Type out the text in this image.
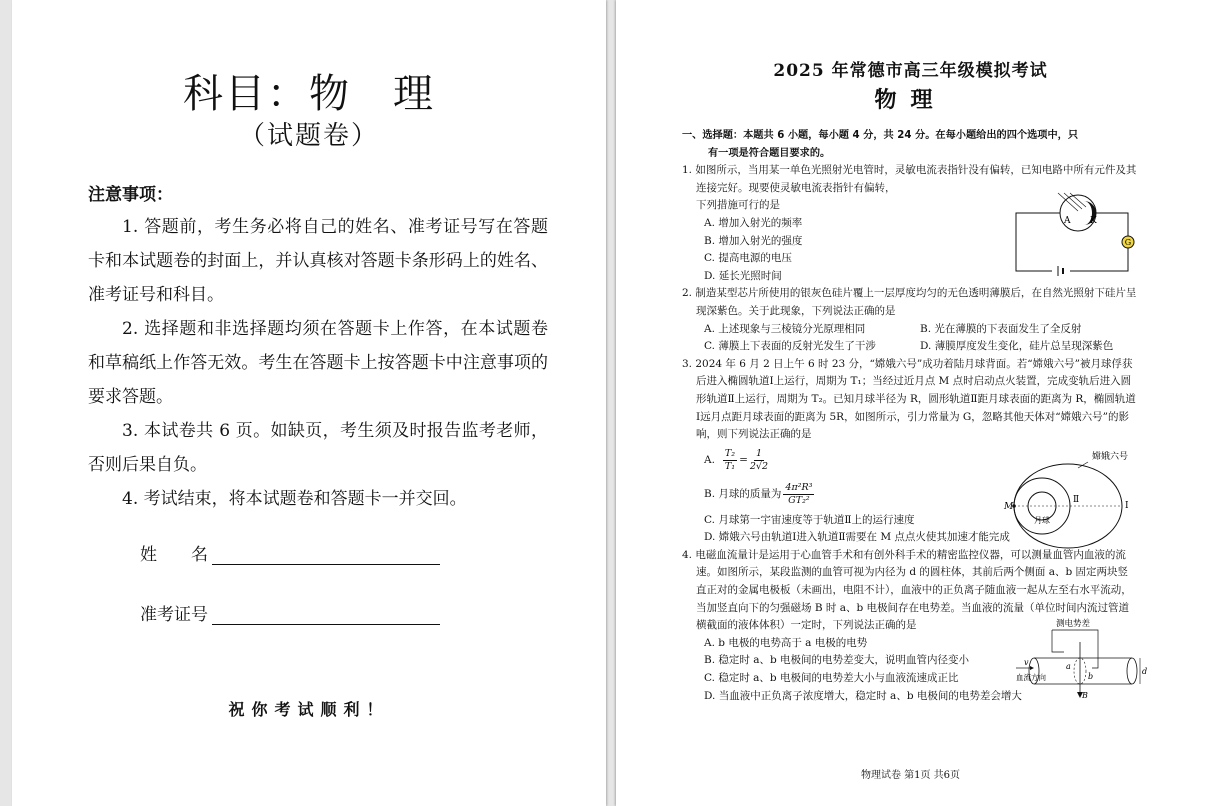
科目：物　理
（试题卷）
注意事项：

1. 答题前，考生务必将自己的姓名、准考证号写在答题卡和本试题卷的封面上，并认真核对答题卡条形码上的姓名、准考证号和科目。

2. 选择题和非选择题均须在答题卡上作答，在本试题卷和草稿纸上作答无效。考生在答题卡上按答题卡中注意事项的要求答题。

3. 本试卷共 6 页。如缺页，考生须及时报告监考老师，否则后果自负。

4. 考试结束，将本试题卷和答题卡一并交回。

姓　　名
准考证号
祝你考试顺利！
2025 年常德市高三年级模拟考试
物理
一、选择题：本题共 6 小题，每小题 4 分，共 24 分。在每小题给出的四个选项中，只
有一项是符合题目要求的。
1. 如图所示，当用某一单色光照射光电管时，灵敏电流表指针没有偏转，已知电路中所有元件及其连接完好。现要使灵敏电流表指针有偏转，
下列措施可行的是
A. 增加入射光的频率
B. 增加入射光的强度
C. 提高电源的电压
D. 延长光照时间
2. 制造某型芯片所使用的银灰色硅片覆上一层厚度均匀的无色透明薄膜后，在自然光照射下硅片呈现深紫色。关于此现象，下列说法正确的是
A. 上述现象与三棱镜分光原理相同	B. 光在薄膜的下表面发生了全反射
C. 薄膜上下表面的反射光发生了干涉	D. 薄膜厚度发生变化，硅片总呈现深紫色
3. 2024 年 6 月 2 日上午 6 时 23 分，“嫦娥六号”成功着陆月球背面。若“嫦娥六号”被月球俘获后进入椭圆轨道Ⅰ上运行，周期为 T₁；当经过近月点 M 点时启动点火装置，完成变轨后进入圆形轨道Ⅱ上运行，周期为 T₂。已知月球半径为 R，圆形轨道Ⅱ距月球表面的距离为 R，椭圆轨道Ⅰ远月点距月球表面的距离为 5R，如图所示，引力常量为 G，忽略其他天体对“嫦娥六号”的影响，则下列说法正确的是
A. $\frac{\text{T₂}}{\text{T₁}} = \frac{1}{2√2}$
B. 月球的质量为 $\frac{\text{4π²R³}}{\text{GT₂²}}$
C. 月球第一宇宙速度等于轨道Ⅱ上的运行速度
D. 嫦娥六号由轨道Ⅰ进入轨道Ⅱ需要在 M 点点火使其加速才能完成
4. 电磁血流量计是运用于心血管手术和有创外科手术的精密监控仪器，可以测量血管内血液的流速。如图所示，某段监测的血管可视为内径为 d 的圆柱体，其前后两个侧面 a、b 固定两块竖直正对的金属电极板（未画出，电阻不计），血液中的正负离子随血液一起从左至右水平流动，当加竖直向下的匀强磁场 B 时 a、b 电极间存在电势差。当血液的流量（单位时间内流过管道横截面的液体体积）一定时，下列说法正确的是
A. b 电极的电势高于 a 电极的电势
B. 稳定时 a、b 电极间的电势差变大，说明血管内径变小
C. 稳定时 a、b 电极间的电势差大小与血液流速成正比
D. 当血液中正负离子浓度增大，稳定时 a、b 电极间的电势差会增大
A K
G
嫦娥六号
M
Ⅱ
Ⅰ
月球
测电势差
v
血流方向
a
b
d
B
物理试卷 第1页 共6页
